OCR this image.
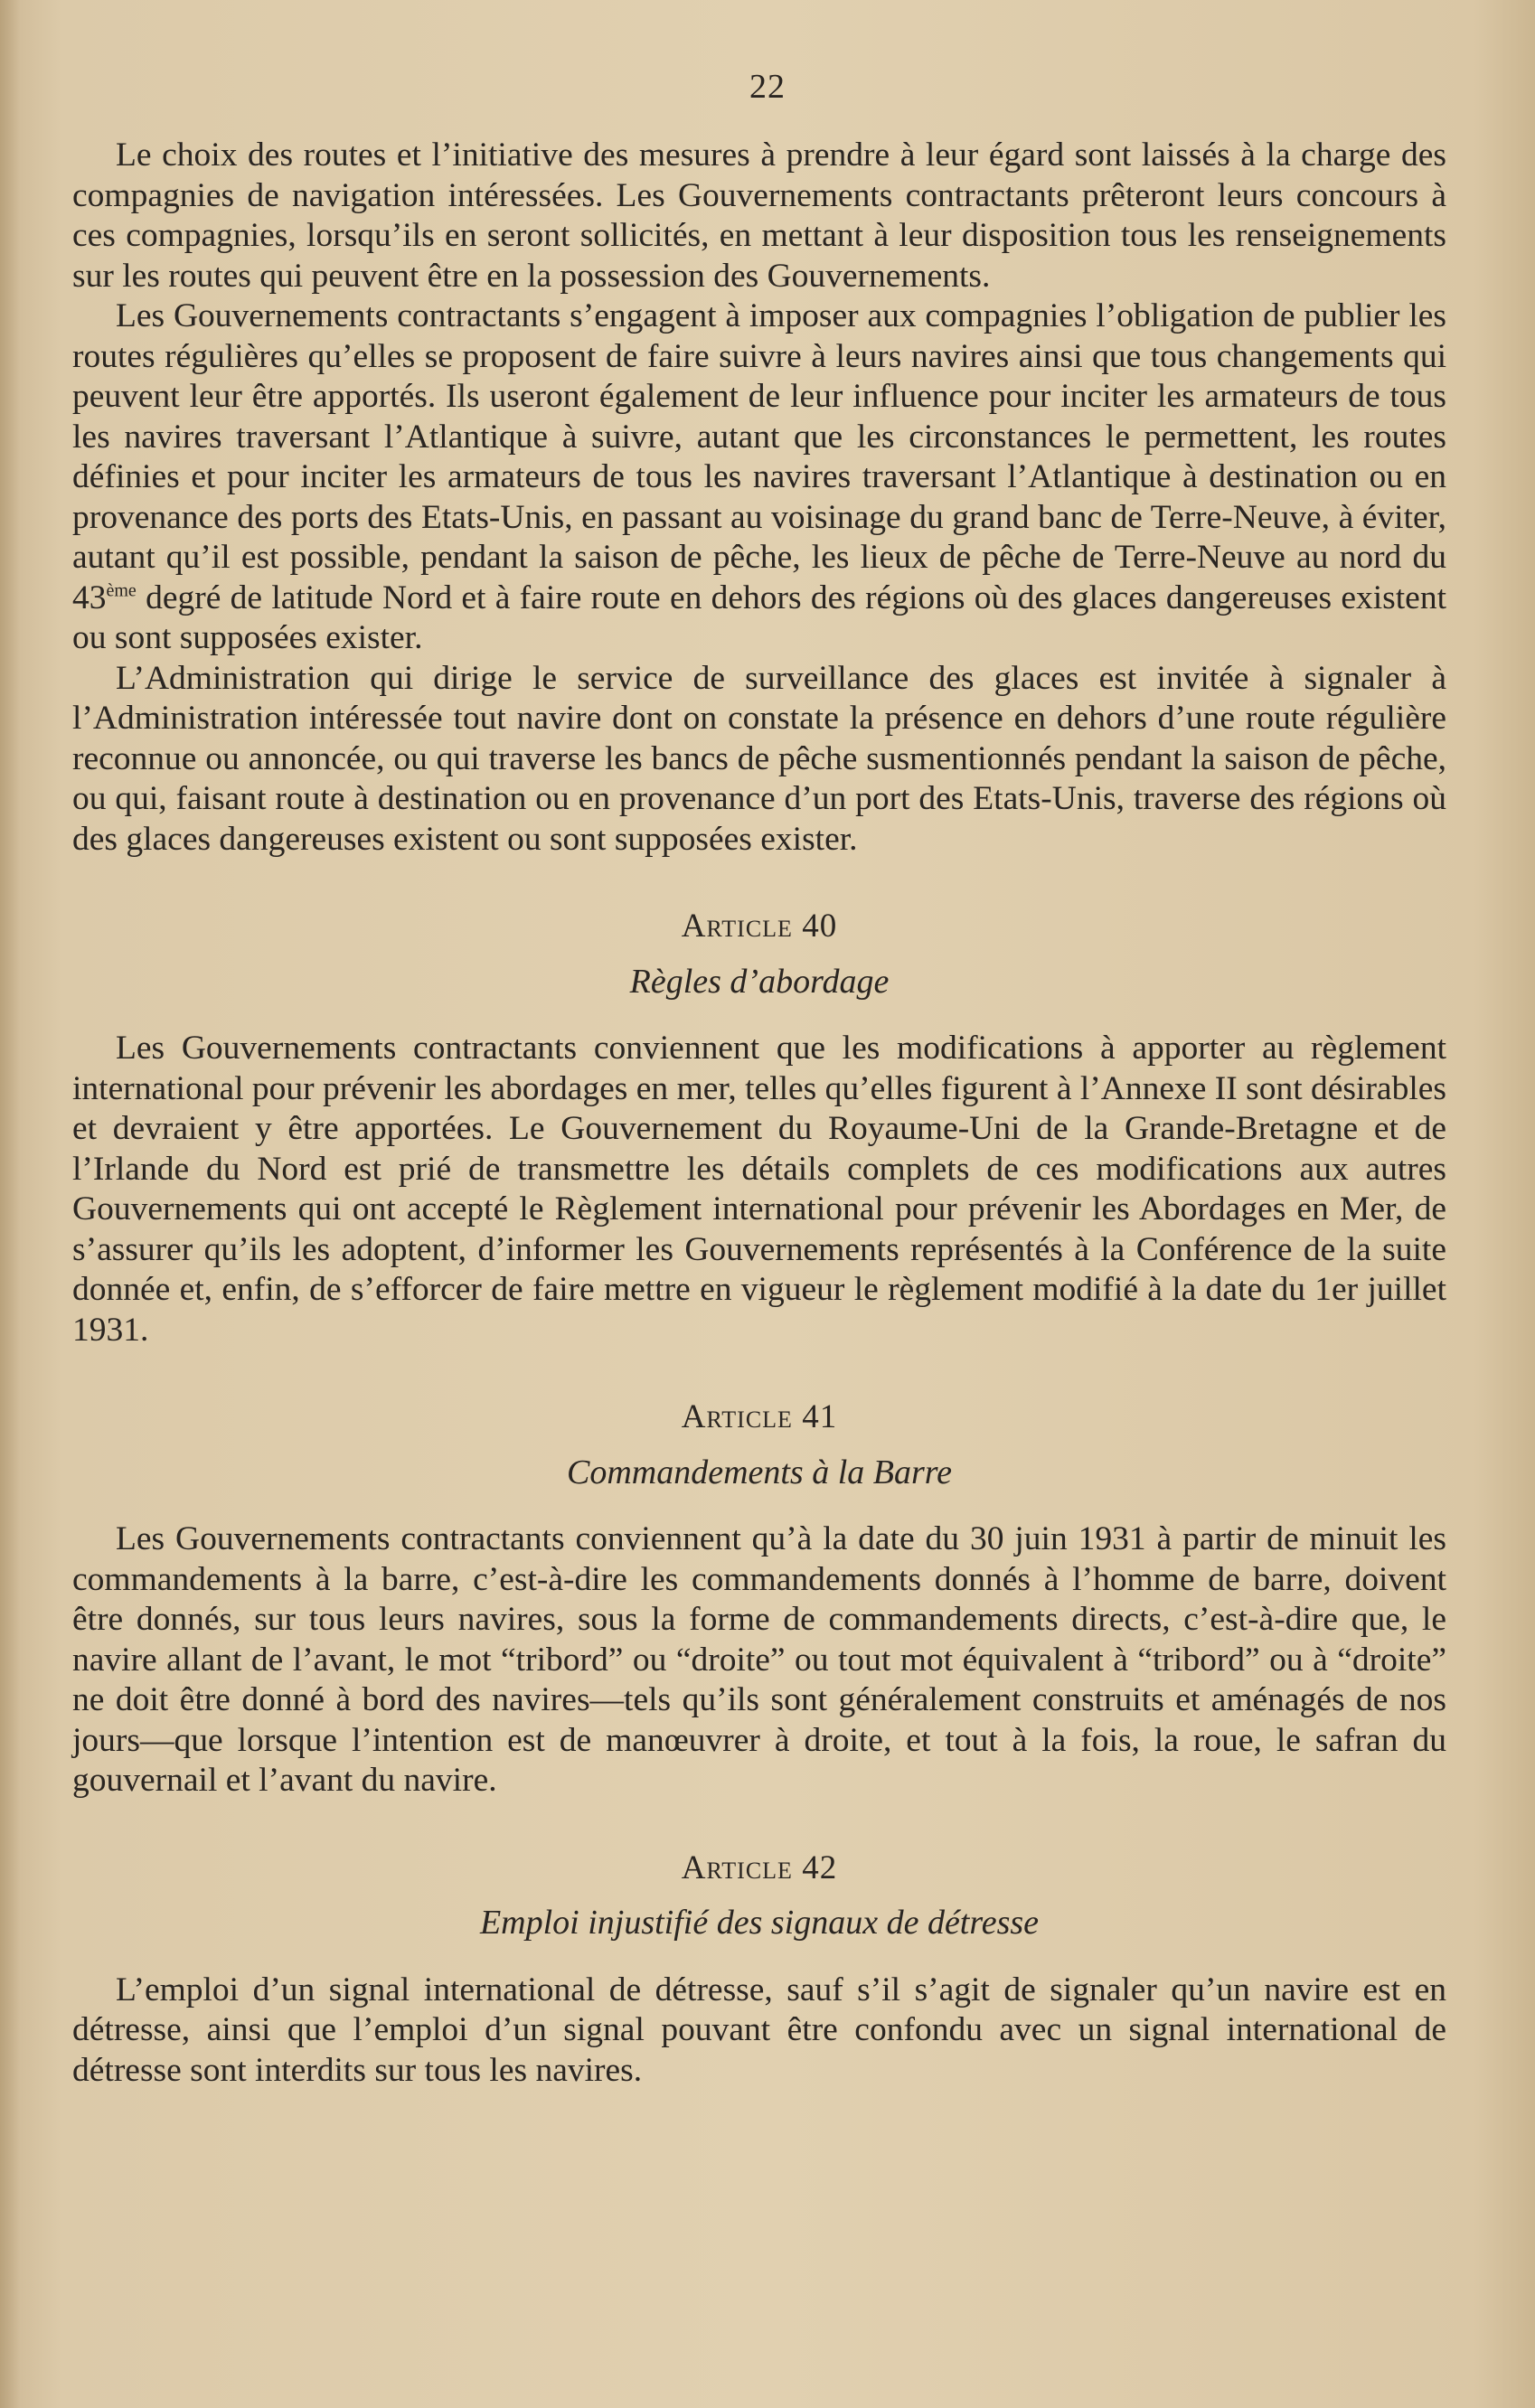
22

Le choix des routes et l’initiative des mesures à prendre à leur égard sont laissés à la charge des compagnies de navigation intéressées. Les Gouvernements contractants prêteront leurs concours à ces compagnies, lorsqu’ils en seront sollicités, en mettant à leur disposition tous les renseignements sur les routes qui peuvent être en la possession des Gouvernements.

Les Gouvernements contractants s’engagent à imposer aux compagnies l’obligation de publier les routes régulières qu’elles se proposent de faire suivre à leurs navires ainsi que tous changements qui peuvent leur être apportés. Ils useront également de leur influence pour inciter les armateurs de tous les navires traversant l’Atlantique à suivre, autant que les circonstances le permettent, les routes définies et pour inciter les armateurs de tous les navires traversant l’Atlantique à destination ou en provenance des ports des Etats-Unis, en passant au voisinage du grand banc de Terre-Neuve, à éviter, autant qu’il est possible, pendant la saison de pêche, les lieux de pêche de Terre-Neuve au nord du 43ème degré de latitude Nord et à faire route en dehors des régions où des glaces dangereuses existent ou sont supposées exister.

L’Administration qui dirige le service de surveillance des glaces est invitée à signaler à l’Administration intéressée tout navire dont on constate la présence en dehors d’une route régulière reconnue ou annoncée, ou qui traverse les bancs de pêche susmentionnés pendant la saison de pêche, ou qui, faisant route à destination ou en provenance d’un port des Etats-Unis, traverse des régions où des glaces dangereuses existent ou sont supposées exister.

Article 40
Règles d’abordage

Les Gouvernements contractants conviennent que les modifications à apporter au règlement international pour prévenir les abordages en mer, telles qu’elles figurent à l’Annexe II sont désirables et devraient y être apportées. Le Gouvernement du Royaume-Uni de la Grande-Bretagne et de l’Irlande du Nord est prié de transmettre les détails complets de ces modifications aux autres Gouvernements qui ont accepté le Règlement international pour prévenir les Abordages en Mer, de s’assurer qu’ils les adoptent, d’informer les Gouvernements représentés à la Conférence de la suite donnée et, enfin, de s’efforcer de faire mettre en vigueur le règlement modifié à la date du 1er juillet 1931.

Article 41
Commandements à la Barre

Les Gouvernements contractants conviennent qu’à la date du 30 juin 1931 à partir de minuit les commandements à la barre, c’est-à-dire les commandements donnés à l’homme de barre, doivent être donnés, sur tous leurs navires, sous la forme de commandements directs, c’est-à-dire que, le navire allant de l’avant, le mot “tribord” ou “droite” ou tout mot équivalent à “tribord” ou à “droite” ne doit être donné à bord des navires—tels qu’ils sont généralement construits et aménagés de nos jours—que lorsque l’intention est de manœuvrer à droite, et tout à la fois, la roue, le safran du gouvernail et l’avant du navire.

Article 42
Emploi injustifié des signaux de détresse

L’emploi d’un signal international de détresse, sauf s’il s’agit de signaler qu’un navire est en détresse, ainsi que l’emploi d’un signal pouvant être confondu avec un signal international de détresse sont interdits sur tous les navires.
